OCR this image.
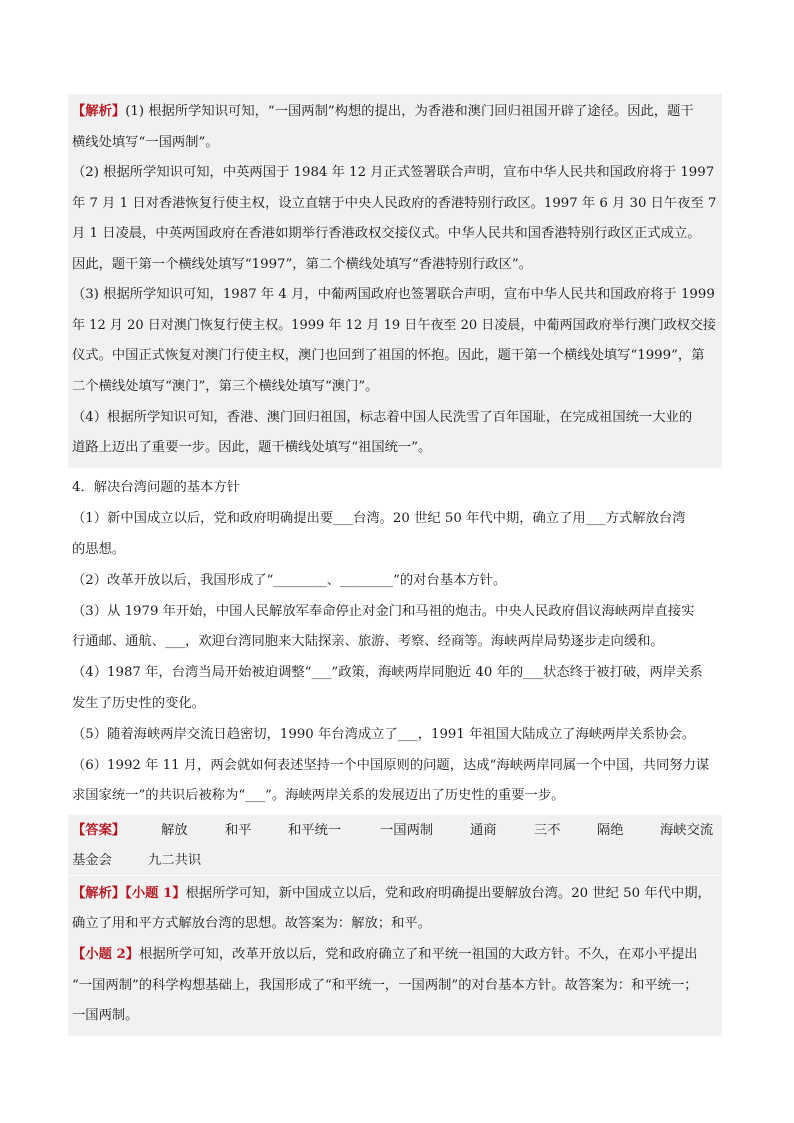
【解析】(1) 根据所学知识可知，“一国两制”构想的提出，为香港和澳门回归祖国开辟了途径。因此，题干
横线处填写“一国两制”。
（2) 根据所学知识可知，中英两国于 1984 年 12 月正式签署联合声明，宣布中华人民共和国政府将于 1997
年 7 月 1 日对香港恢复行使主权，设立直辖于中央人民政府的香港特别行政区。1997 年 6 月 30 日午夜至 7
月 1 日凌晨，中英两国政府在香港如期举行香港政权交接仪式。中华人民共和国香港特别行政区正式成立。
因此，题干第一个横线处填写“1997”，第二个横线处填写“香港特别行政区”。
（3) 根据所学知识可知，1987 年 4 月，中葡两国政府也签署联合声明，宣布中华人民共和国政府将于 1999
年 12 月 20 日对澳门恢复行使主权。1999 年 12 月 19 日午夜至 20 日凌晨，中葡两国政府举行澳门政权交接
仪式。中国正式恢复对澳门行使主权，澳门也回到了祖国的怀抱。因此，题干第一个横线处填写“1999”，第
二个横线处填写“澳门”，第三个横线处填写“澳门”。
（4）根据所学知识可知，香港、澳门回归祖国，标志着中国人民洗雪了百年国耻，在完成祖国统一大业的
道路上迈出了重要一步。因此，题干横线处填写“祖国统一”。
4．解决台湾问题的基本方针
（1）新中国成立以后，党和政府明确提出要___台湾。20 世纪 50 年代中期，确立了用___方式解放台湾
的思想。
（2）改革开放以后，我国形成了“________、________”的对台基本方针。
（3）从 1979 年开始，中国人民解放军奉命停止对金门和马祖的炮击。中央人民政府倡议海峡两岸直接实
行通邮、通航、___，欢迎台湾同胞来大陆探亲、旅游、考察、经商等。海峡两岸局势逐步走向缓和。
（4）1987 年，台湾当局开始被迫调整“___”政策，海峡两岸同胞近 40 年的___状态终于被打破，两岸关系
发生了历史性的变化。
（5）随着海峡两岸交流日趋密切，1990 年台湾成立了___，1991 年祖国大陆成立了海峡两岸关系协会。
（6）1992 年 11 月，两会就如何表述坚持一个中国原则的问题，达成“海峡两岸同属一个中国，共同努力谋
求国家统一”的共识后被称为“___”。海峡两岸关系的发展迈出了历史性的重要一步。
【答案】	解放	和平	和平统一	一国两制	通商	三不	隔绝	海峡交流
基金会	九二共识
【解析】【小题 1】根据所学可知，新中国成立以后，党和政府明确提出要解放台湾。20 世纪 50 年代中期，
确立了用和平方式解放台湾的思想。故答案为：解放；和平。
【小题 2】根据所学可知，改革开放以后，党和政府确立了和平统一祖国的大政方针。不久，在邓小平提出
“一国两制”的科学构想基础上，我国形成了“和平统一，一国两制”的对台基本方针。故答案为：和平统一；
一国两制。
